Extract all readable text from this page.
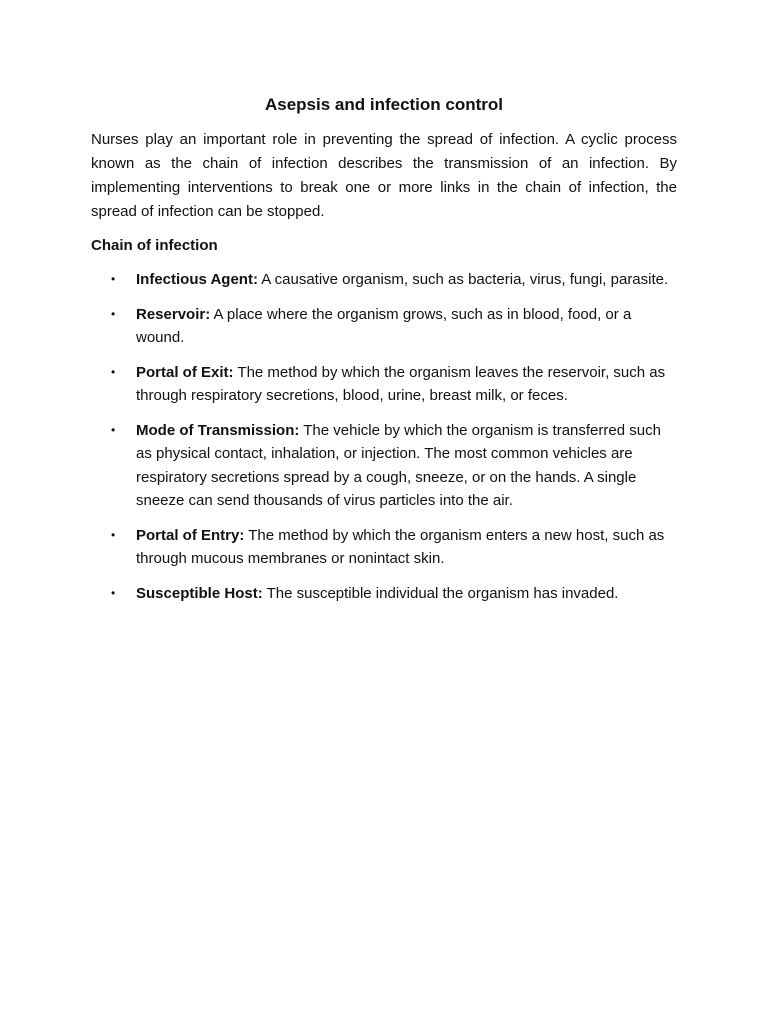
Asepsis and infection control

Nurses play an important role in preventing the spread of infection. A cyclic process known as the chain of infection describes the transmission of an infection. By implementing interventions to break one or more links in the chain of infection, the spread of infection can be stopped.

Chain of infection
• Infectious Agent: A causative organism, such as bacteria, virus, fungi, parasite.
• Reservoir: A place where the organism grows, such as in blood, food, or a wound.
• Portal of Exit: The method by which the organism leaves the reservoir, such as through respiratory secretions, blood, urine, breast milk, or feces.
• Mode of Transmission: The vehicle by which the organism is transferred such as physical contact, inhalation, or injection. The most common vehicles are respiratory secretions spread by a cough, sneeze, or on the hands. A single sneeze can send thousands of virus particles into the air.
• Portal of Entry: The method by which the organism enters a new host, such as through mucous membranes or nonintact skin.
• Susceptible Host: The susceptible individual the organism has invaded.
